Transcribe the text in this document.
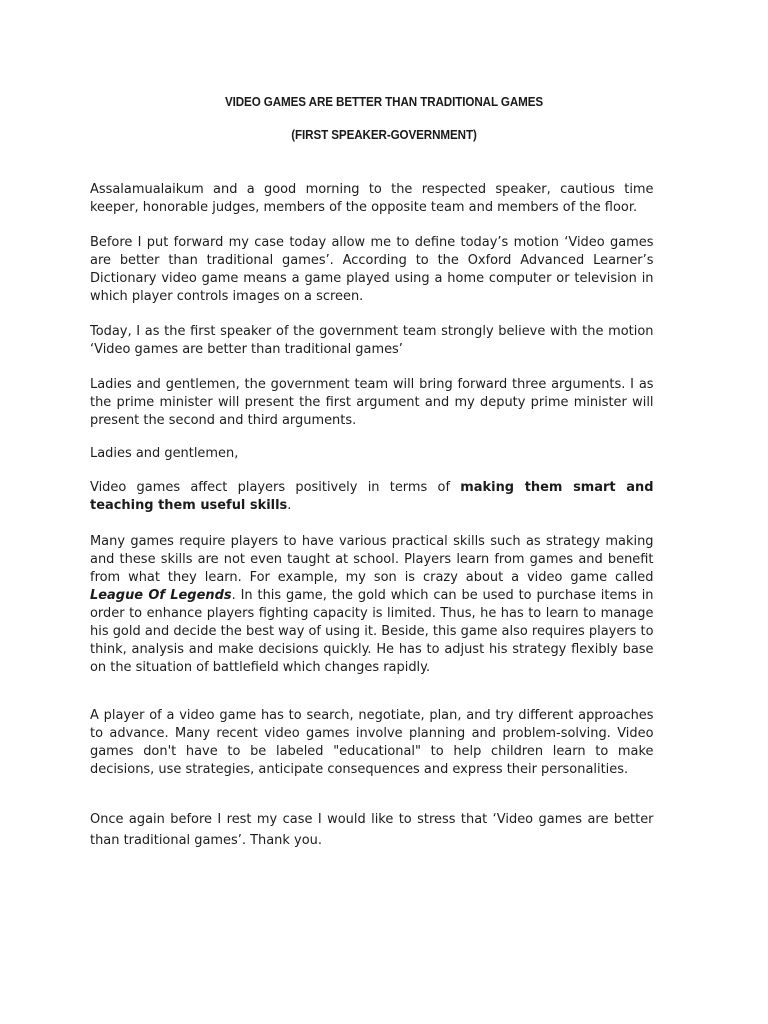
VIDEO GAMES ARE BETTER THAN TRADITIONAL GAMES
(FIRST SPEAKER-GOVERNMENT)

Assalamualaikum and a good morning to the respected speaker, cautious time keeper, honorable judges, members of the opposite team and members of the floor.

Before I put forward my case today allow me to define today’s motion ‘Video games are better than traditional games’. According to the Oxford Advanced Learner’s Dictionary video game means a game played using a home computer or television in which player controls images on a screen.

Today, I as the first speaker of the government team strongly believe with the motion ‘Video games are better than traditional games’

Ladies and gentlemen, the government team will bring forward three arguments. I as the prime minister will present the first argument and my deputy prime minister will present the second and third arguments.

Ladies and gentlemen,

Video games affect players positively in terms of making them smart and teaching them useful skills.

Many games require players to have various practical skills such as strategy making and these skills are not even taught at school. Players learn from games and benefit from what they learn. For example, my son is crazy about a video game called League Of Legends. In this game, the gold which can be used to purchase items in order to enhance players fighting capacity is limited. Thus, he has to learn to manage his gold and decide the best way of using it. Beside, this game also requires players to think, analysis and make decisions quickly. He has to adjust his strategy flexibly base on the situation of battlefield which changes rapidly.

A player of a video game has to search, negotiate, plan, and try different approaches to advance. Many recent video games involve planning and problem-solving. Video games don't have to be labeled "educational" to help children learn to make decisions, use strategies, anticipate consequences and express their personalities.

Once again before I rest my case I would like to stress that ‘Video games are better than traditional games’. Thank you.
